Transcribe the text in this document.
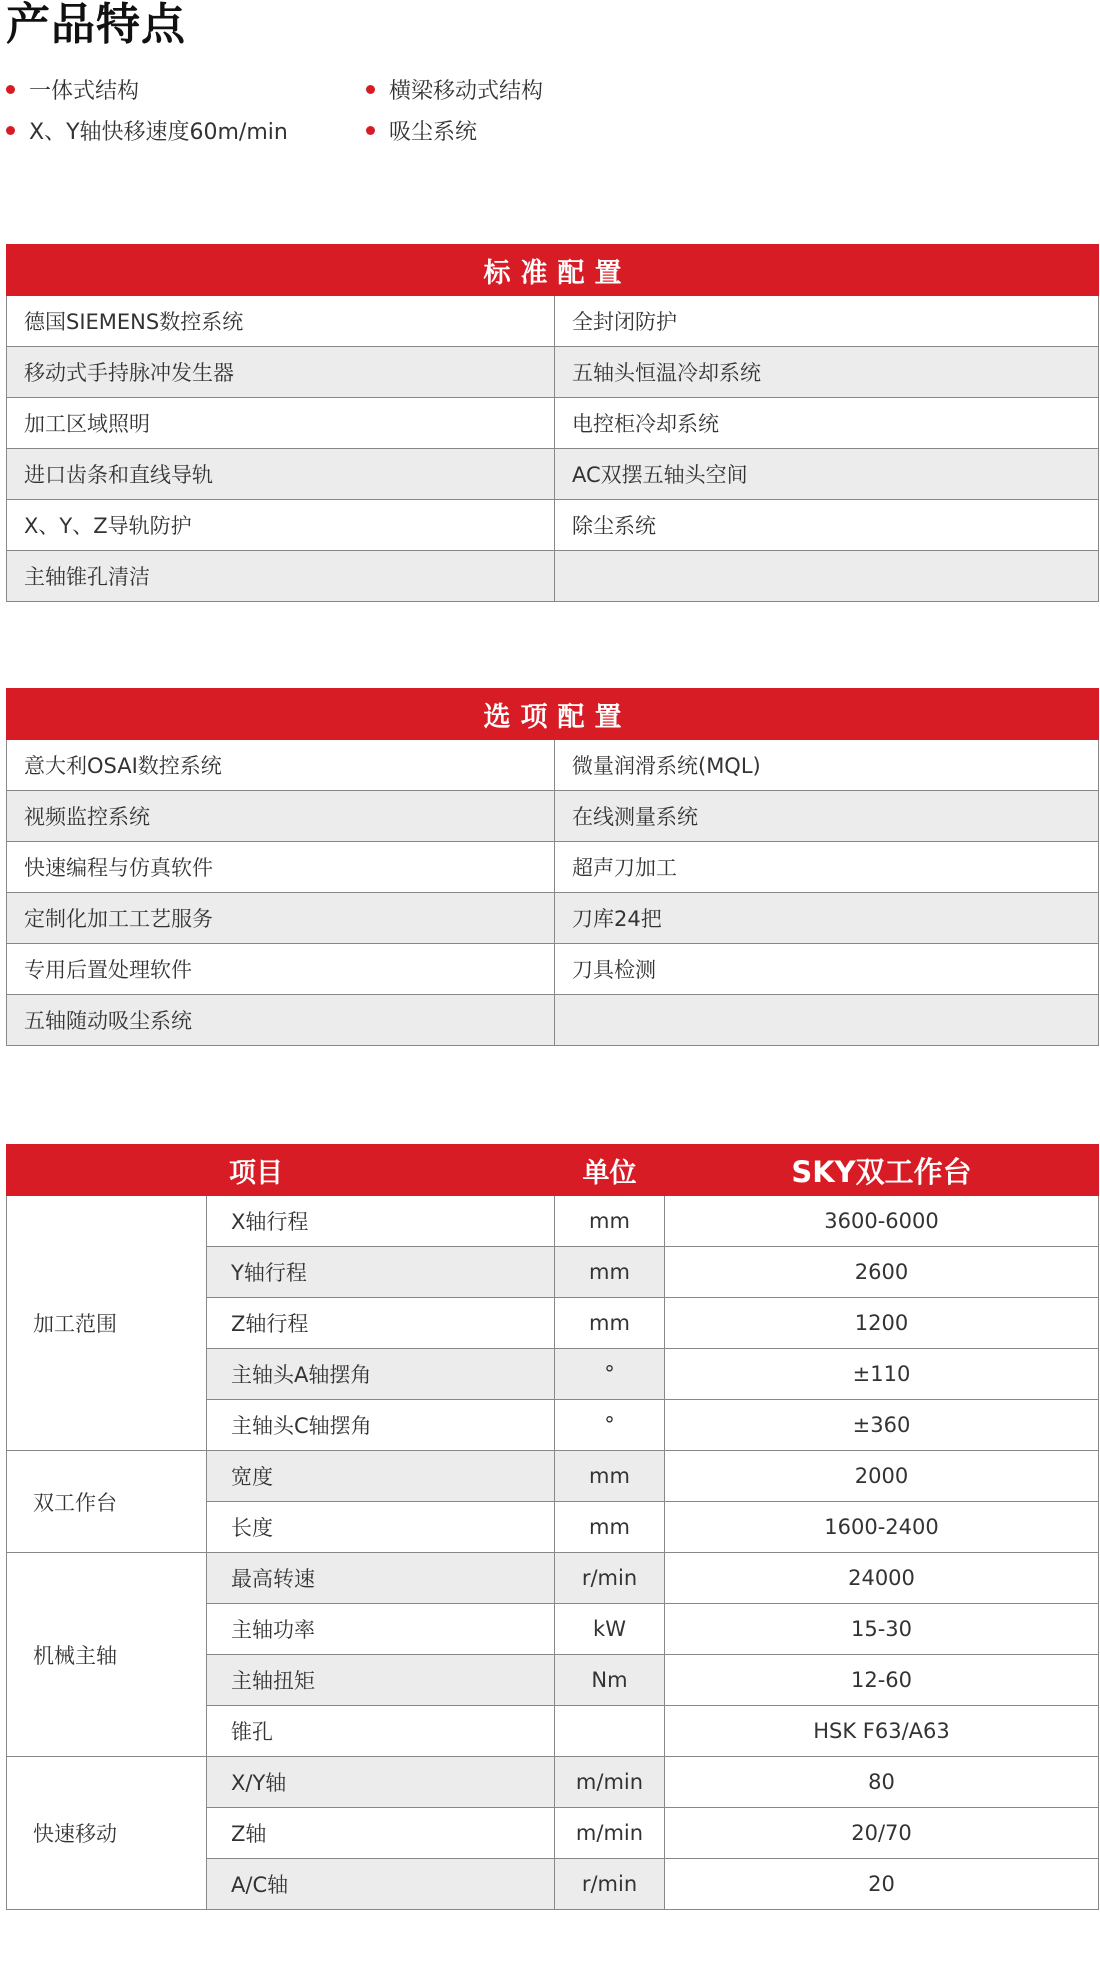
产品特点
一体式结构	横梁移动式结构
X、Y轴快移速度60m/min	吸尘系统
标准配置	
德国SIEMENS数控系统	全封闭防护
移动式手持脉冲发生器	五轴头恒温冷却系统
加工区域照明	电控柜冷却系统
进口齿条和直线导轨	AC双摆五轴头空间
X、Y、Z导轨防护	除尘系统
主轴锥孔清洁	
选项配置	
意大利OSAI数控系统	微量润滑系统(MQL)
视频监控系统	在线测量系统
快速编程与仿真软件	超声刀加工
定制化加工工艺服务	刀库24把
专用后置处理软件	刀具检测
五轴随动吸尘系统	
项目		单位	SKY双工作台
加工范围	X轴行程	mm	3600-6000
	Y轴行程	mm	2600
	Z轴行程	mm	1200
	主轴头A轴摆角	°	±110
	主轴头C轴摆角	°	±360
双工作台	宽度	mm	2000
	长度	mm	1600-2400
机械主轴	最高转速	r/min	24000
	主轴功率	kW	15-30
	主轴扭矩	Nm	12-60
	锥孔		HSK F63/A63
快速移动	X/Y轴	m/min	80
	Z轴	m/min	20/70
	A/C轴	r/min	20
